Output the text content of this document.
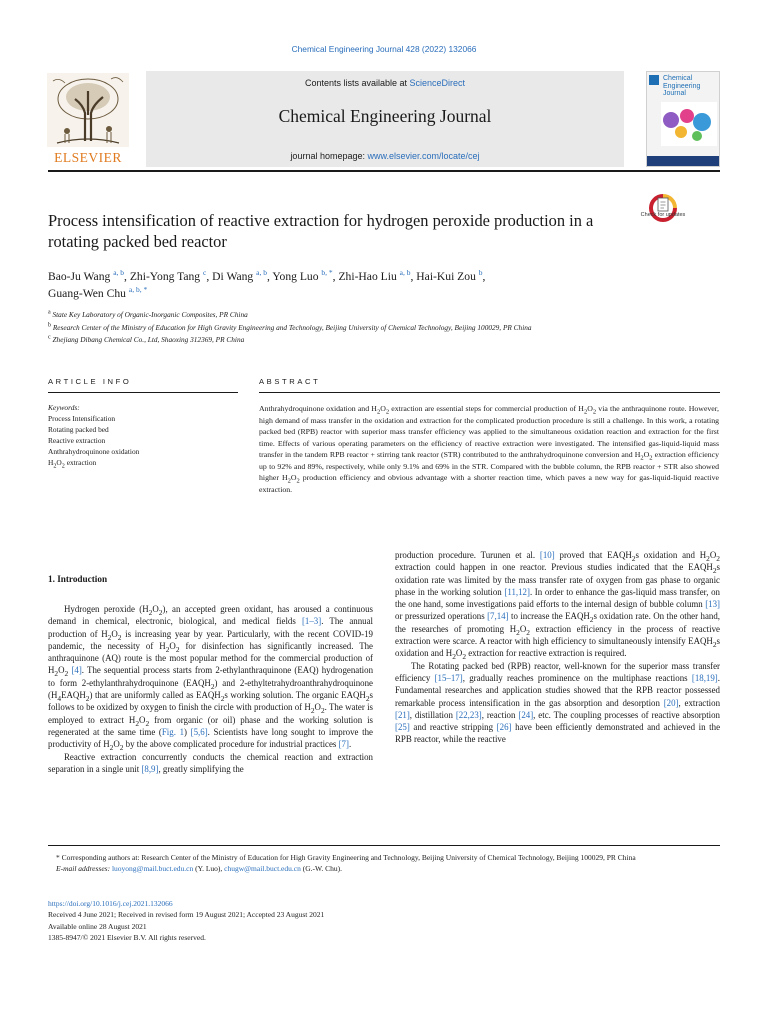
Chemical Engineering Journal 428 (2022) 132066
Contents lists available at ScienceDirect
Chemical Engineering Journal
journal homepage: www.elsevier.com/locate/cej
ELSEVIER
Chemical Engineering Journal
Process intensification of reactive extraction for hydrogen peroxide production in a rotating packed bed reactor
Check for updates
Bao-Ju Wang $^{a, b}$, Zhi-Yong Tang $^c$, Di Wang $^{a, b}$, Yong Luo $^{b, *}$, Zhi-Hao Liu $^{a, b}$, Hai-Kui Zou $^b$,
Guang-Wen Chu $^{a, b, *}$
$^a$ State Key Laboratory of Organic-Inorganic Composites, PR China
$^b$ Research Center of the Ministry of Education for High Gravity Engineering and Technology, Beijing University of Chemical Technology, Beijing 100029, PR China
$^c$ Zhejiang Dibang Chemical Co., Ltd, Shaoxing 312369, PR China
ARTICLE INFO	ABSTRACT
Keywords:
Process Intensification
Rotating packed bed
Reactive extraction
Anthrahydroquinone oxidation
$H_2O_2$ extraction
Anthrahydroquinone oxidation and $H_2O_2$ extraction are essential steps for commercial production of $H_2O_2$ via the anthraquinone route. However, high demand of mass transfer in the oxidation and extraction for the complicated production procedure is still a challenge. In this work, a rotating packed bed (RPB) reactor with superior mass transfer efficiency was applied to the simultaneous oxidation reaction and extraction for the first time. Effects of various operating parameters on the efficiency of reactive extraction were investigated. The intensified gas-liquid-liquid mass transfer in the tandem RPB reactor + stirring tank reactor (STR) contributed to the anthrahydroquinone conversion and $H_2O_2$ extraction efficiency up to 92% and 89%, respectively, while only 9.1% and 69% in the STR. Compared with the bubble column, the RPB reactor + STR also showed higher $H_2O_2$ production efficiency and obvious advantage with a shorter reaction time, which paves a new way for gas-liquid-liquid reactive extraction.
1. Introduction

Hydrogen peroxide $(H_2O_2)$, an accepted green oxidant, has aroused a continuous demand in chemical, electronic, biological, and medical fields [1–3]. The annual production of $H_2O_2$ is increasing year by year. Particularly, with the recent COVID-19 pandemic, the necessity of $H_2O_2$ for disinfection has significantly increased. The anthraquinone (AQ) route is the most popular method for the commercial production of $H_2O_2$ [4]. The sequential process starts from 2-ethylanthraquinone (EAQ) hydrogenation to form 2-ethylanthrahydroquinone $(EAQH_2)$ and 2-ethyltetrahydroanthrahydroquinone $(H_4EAQH_2)$ that are uniformly called as $EAQH_2s$ working solution. The organic $EAQH_2s$ follows to be oxidized by oxygen to finish the circle with production of $H_2O_2$. The water is employed to extract $H_2O_2$ from organic (or oil) phase and the working solution is regenerated at the same time (Fig. 1) [5,6]. Scientists have long sought to improve the productivity of $H_2O_2$ by the above complicated procedure for industrial practices [7].

Reactive extraction concurrently conducts the chemical reaction and extraction separation in a single unit [8,9], greatly simplifying the

production procedure. Turunen et al. [10] proved that $EAQH_2s$ oxidation and $H_2O_2$ extraction could happen in one reactor. Previous studies indicated that the $EAQH_2s$ oxidation rate was limited by the mass transfer rate of oxygen from gas phase to organic phase in the working solution [11,12]. In order to enhance the gas-liquid mass transfer, on the one hand, some investigations paid efforts to the internal design of bubble column [13] or pressurized operations [7,14] to increase the $EAQH_2s$ oxidation rate. On the other hand, the researches of promoting $H_2O_2$ extraction efficiency in the process of reactive extraction were scarce. A reactor with high efficiency to simultaneously intensify $EAQH_2s$ oxidation and $H_2O_2$ extraction for reactive extraction is required.

The Rotating packed bed (RPB) reactor, well-known for the superior mass transfer efficiency [15–17], gradually reaches prominence on the multiphase reactions [18,19]. Fundamental researches and application studies showed that the RPB reactor possessed remarkable process intensification in the gas absorption and desorption [20], extraction [21], distillation [22,23], reaction [24], etc. The coupling processes of reactive absorption [25] and reactive stripping [26] have been efficiently demonstrated and achieved in the RPB reactor, while the reactive

* Corresponding authors at: Research Center of the Ministry of Education for High Gravity Engineering and Technology, Beijing University of Chemical Technology, Beijing 100029, PR China

E-mail addresses: luoyong@mail.buct.edu.cn (Y. Luo), chugw@mail.buct.edu.cn (G.-W. Chu).

https://doi.org/10.1016/j.cej.2021.132066

Received 4 June 2021; Received in revised form 19 August 2021; Accepted 23 August 2021

Available online 28 August 2021

1385-8947/© 2021 Elsevier B.V. All rights reserved.
